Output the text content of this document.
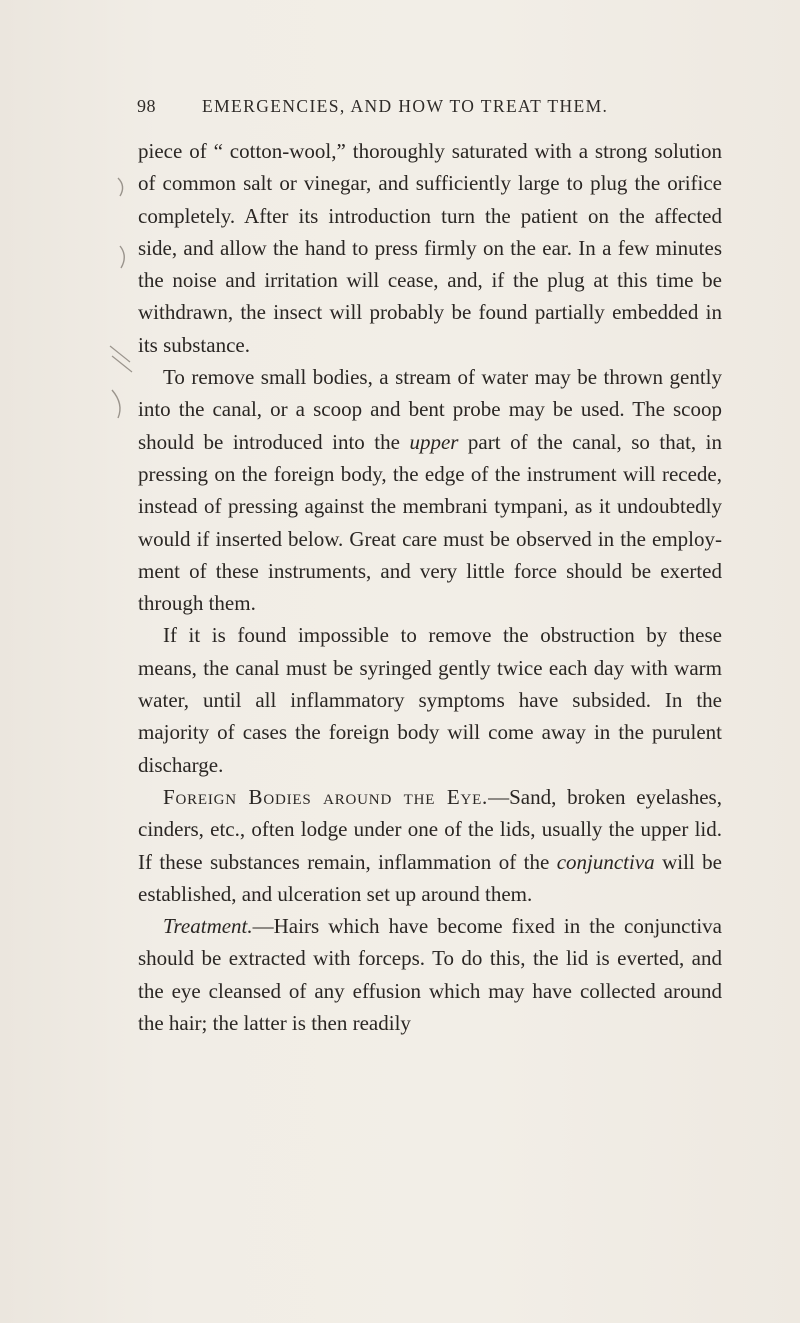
98	EMERGENCIES, AND HOW TO TREAT THEM.

piece of “ cotton-wool,” thoroughly saturated with a strong solution of common salt or vinegar, and sufficiently large to plug the orifice completely. After its introduction turn the patient on the affected side, and allow the hand to press firmly on the ear. In a few minutes the noise and irritation will cease, and, if the plug at this time be withdrawn, the insect will probably be found partially embedded in its substance.

To remove small bodies, a stream of water may be thrown gently into the canal, or a scoop and bent probe may be used. The scoop should be introduced into the upper part of the canal, so that, in pressing on the foreign body, the edge of the instrument will recede, instead of pressing against the membrani tympani, as it undoubtedly would if inserted below. Great care must be observed in the employment of these instruments, and very little force should be exerted through them.

If it is found impossible to remove the obstruction by these means, the canal must be syringed gently twice each day with warm water, until all inflammatory symptoms have subsided. In the majority of cases the foreign body will come away in the purulent discharge.

Foreign Bodies around the Eye.—Sand, broken eyelashes, cinders, etc., often lodge under one of the lids, usually the upper lid. If these substances remain, inflammation of the conjunctiva will be established, and ulceration set up around them.

Treatment.—Hairs which have become fixed in the conjunctiva should be extracted with forceps. To do this, the lid is everted, and the eye cleansed of any effusion which may have collected around the hair; the latter is then readily
